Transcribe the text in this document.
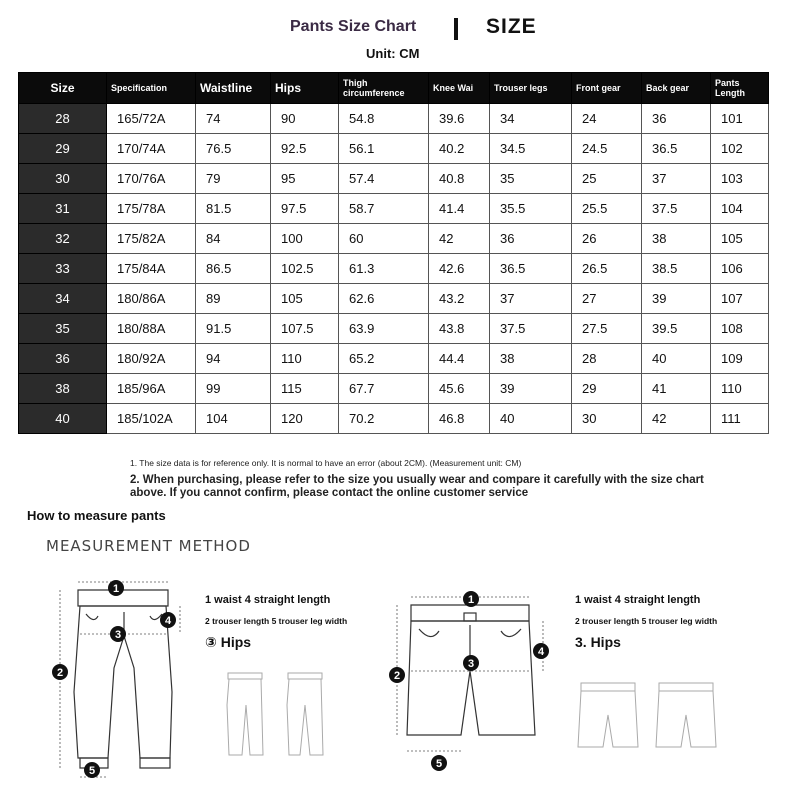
Pants Size Chart	SIZE
Unit: CM
Size	Specification	Waistline	Hips	Thigh circumference	Knee Wai	Trouser legs	Front gear	Back gear	Pants Length
28	165/72A	74	90	54.8	39.6	34	24	36	101
29	170/74A	76.5	92.5	56.1	40.2	34.5	24.5	36.5	102
30	170/76A	79	95	57.4	40.8	35	25	37	103
31	175/78A	81.5	97.5	58.7	41.4	35.5	25.5	37.5	104
32	175/82A	84	100	60	42	36	26	38	105
33	175/84A	86.5	102.5	61.3	42.6	36.5	26.5	38.5	106
34	180/86A	89	105	62.6	43.2	37	27	39	107
35	180/88A	91.5	107.5	63.9	43.8	37.5	27.5	39.5	108
36	180/92A	94	110	65.2	44.4	38	28	40	109
38	185/96A	99	115	67.7	45.6	39	29	41	110
40	185/102A	104	120	70.2	46.8	40	30	42	111
1. The size data is for reference only. It is normal to have an error (about 2CM). (Measurement unit: CM)
2. When purchasing, please refer to the size you usually wear and compare it carefully with the size chart above. If you cannot confirm, please contact the online customer service
How to measure pants
MEASUREMENT METHOD
1
2
3
4
5
1 waist 4 straight length
2 trouser length 5 trouser leg width
③ Hips
1
2
3
4
5
1 waist 4 straight length
2 trouser length 5 trouser leg width
3. Hips
